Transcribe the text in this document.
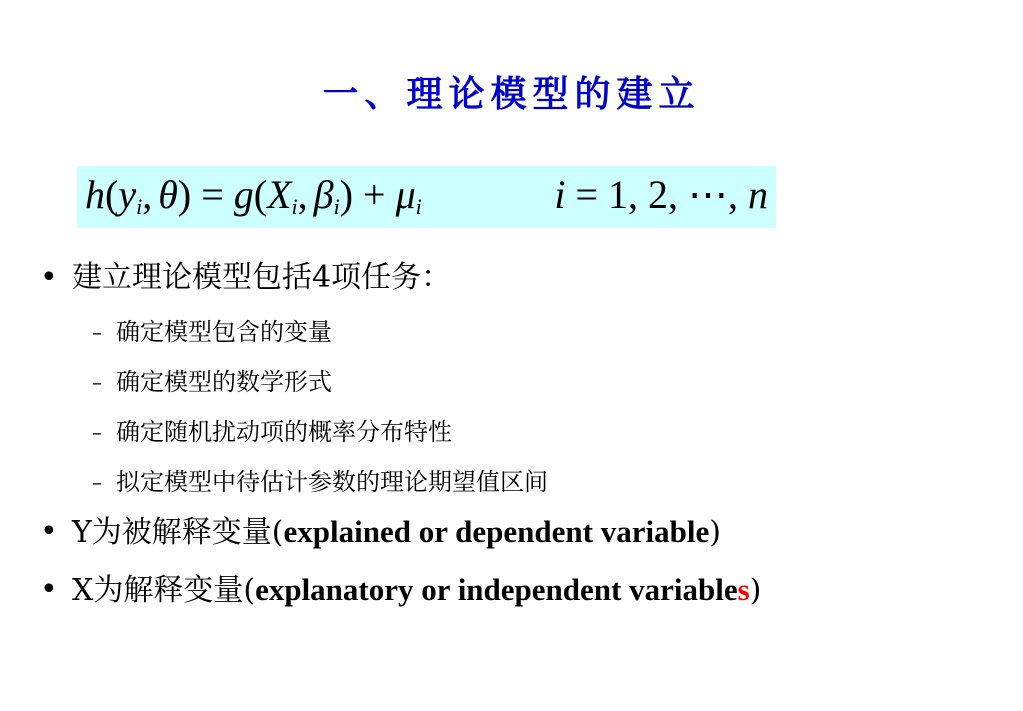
一、理论模型的建立
$h(y_i$, $\theta) = g(X_i$, $\beta_i) + \mu_i$	i = 1, 2, ⋯, n
• 建立理论模型包括4项任务：
– 确定模型包含的变量
– 确定模型的数学形式
– 确定随机扰动项的概率分布特性
– 拟定模型中待估计参数的理论期望值区间
• Y为被解释变量(explained or dependent variable)
• X为解释变量(explanatory or independent variables)
